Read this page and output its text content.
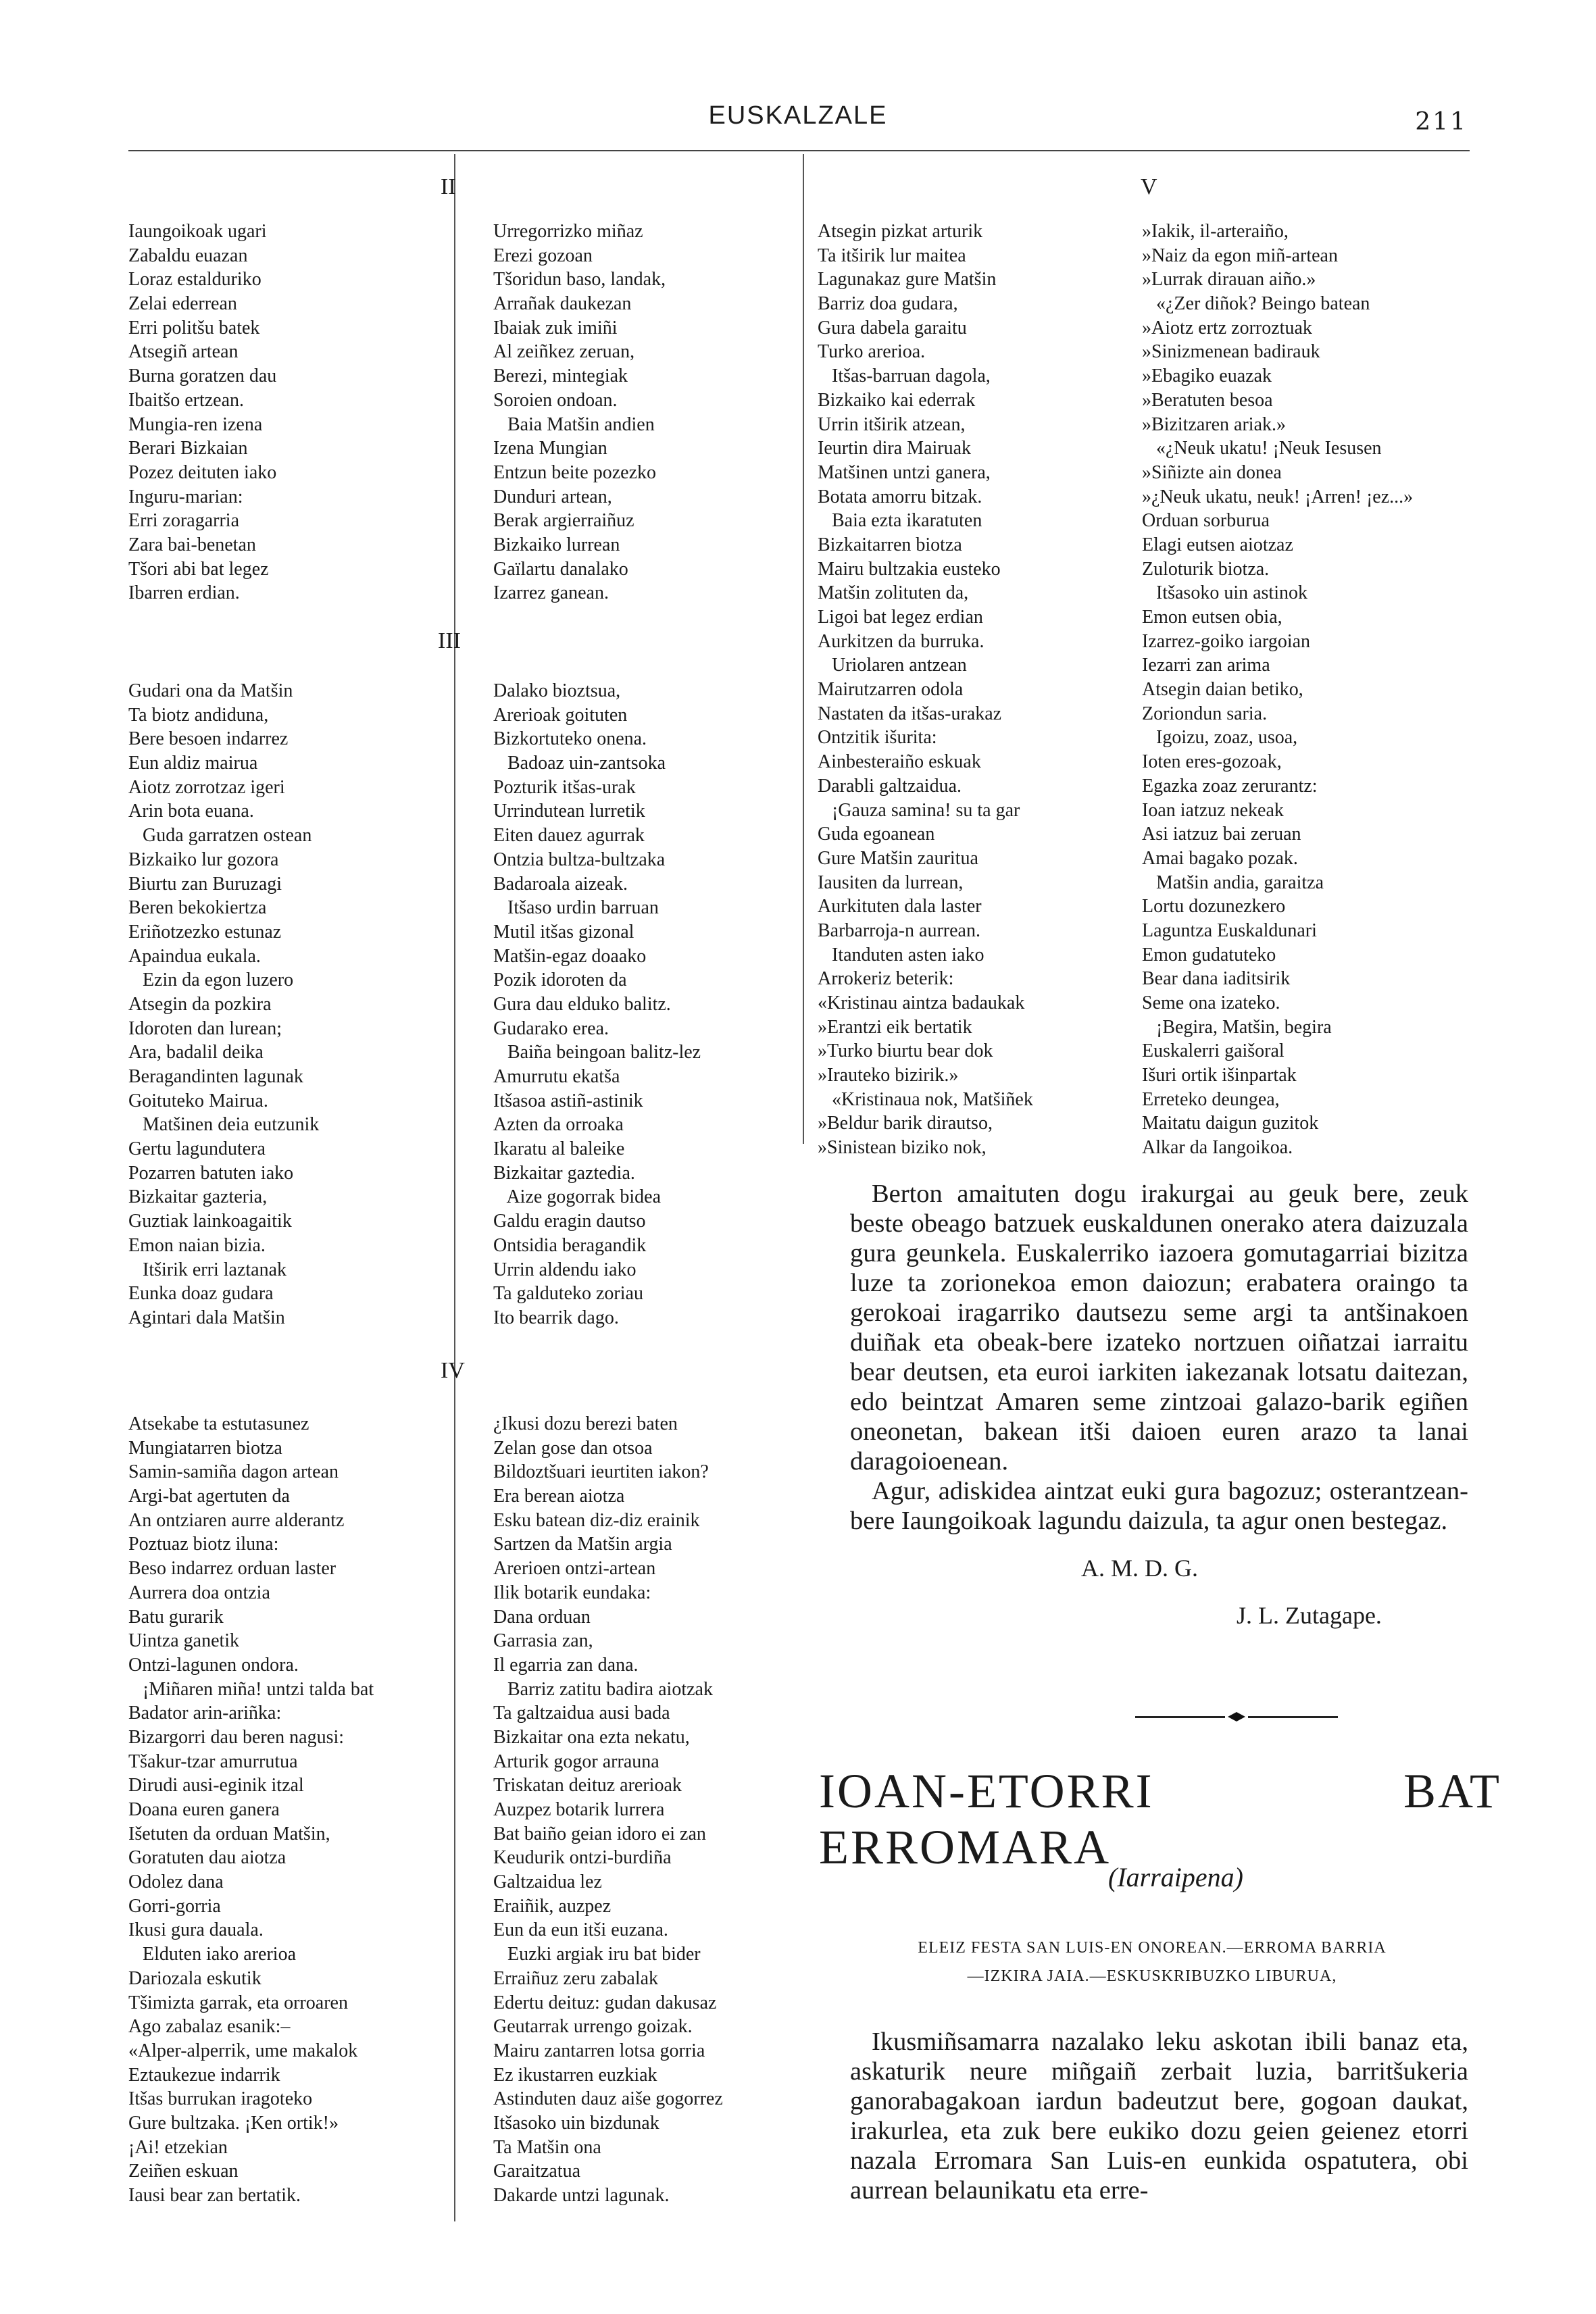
EUSKALZALE	211
II
III
IV
V
Iaungoikoak ugari
Zabaldu euazan
Loraz estalduriko
Zelai ederrean
Erri politšu batek
Atsegiñ artean
Burna goratzen dau
Ibaitšo ertzean.
Mungia-ren izena
Berari Bizkaian
Pozez deituten iako
Inguru-marian:
Erri zoragarria
Zara bai-benetan
Tšori abi bat legez
Ibarren erdian.
Gudari ona da Matšin
Ta biotz andiduna,
Bere besoen indarrez
Eun aldiz mairua
Aiotz zorrotzaz igeri
Arin bota euana.
Guda garratzen ostean
Bizkaiko lur gozora
Biurtu zan Buruzagi
Beren bekokiertza
Eriñotzezko estunaz
Apaindua eukala.
Ezin da egon luzero
Atsegin da pozkira
Idoroten dan lurean;
Ara, badalil deika
Beragandinten lagunak
Goituteko Mairua.
Matšinen deia eutzunik
Gertu lagundutera
Pozarren batuten iako
Bizkaitar gazteria,
Guztiak lainkoagaitik
Emon naian bizia.
Itširik erri laztanak
Eunka doaz gudara
Agintari dala Matšin
Atsekabe ta estutasunez
Mungiatarren biotza
Samin-samiña dagon artean
Argi-bat agertuten da
An ontziaren aurre alderantz
Poztuaz biotz iluna:
Beso indarrez orduan laster
Aurrera doa ontzia
Batu gurarik
Uintza ganetik
Ontzi-lagunen ondora.
¡Miñaren miña! untzi talda bat
Badator arin-ariñka:
Bizargorri dau beren nagusi:
Tšakur-tzar amurrutua
Dirudi ausi-eginik itzal
Doana euren ganera
Išetuten da orduan Matšin,
Goratuten dau aiotza
Odolez dana
Gorri-gorria
Ikusi gura dauala.
Elduten iako arerioa
Dariozala eskutik
Tšimizta garrak, eta orroaren
Ago zabalaz esanik:–
«Alper-alperrik, ume makalok
Eztaukezue indarrik
Itšas burrukan iragoteko
Gure bultzaka. ¡Ken ortik!»
¡Ai! etzekian
Zeiñen eskuan
Iausi bear zan bertatik.
Urregorrizko miñaz
Erezi gozoan
Tšoridun baso, landak,
Arrañak daukezan
Ibaiak zuk imiñi
Al zeiñkez zeruan,
Berezi, mintegiak
Soroien ondoan.
Baia Matšin andien
Izena Mungian
Entzun beite pozezko
Dunduri artean,
Berak argierraiñuz
Bizkaiko lurrean
Gaïlartu danalako
Izarrez ganean.
Dalako bioztsua,
Arerioak goituten
Bizkortuteko onena.
Badoaz uin-zantsoka
Pozturik itšas-urak
Urrindutean lurretik
Eiten dauez agurrak
Ontzia bultza-bultzaka
Badaroala aizeak.
Itšaso urdin barruan
Mutil itšas gizonal
Matšin-egaz doaako
Pozik idoroten da
Gura dau elduko balitz.
Gudarako erea.
Baiña beingoan balitz-lez
Amurrutu ekatša
Itšasoa astiñ-astinik
Azten da orroaka
Ikaratu al baleike
Bizkaitar gaztedia.
Aize gogorrak bidea
Galdu eragin dautso
Ontsidia beragandik
Urrin aldendu iako
Ta galduteko zoriau
Ito bearrik dago.
¿Ikusi dozu berezi baten
Zelan gose dan otsoa
Bildoztšuari ieurtiten iakon?
Era berean aiotza
Esku batean diz-diz erainik
Sartzen da Matšin argia
Arerioen ontzi-artean
Ilik botarik eundaka:
Dana orduan
Garrasia zan,
Il egarria zan dana.
Barriz zatitu badira aiotzak
Ta galtzaidua ausi bada
Bizkaitar ona ezta nekatu,
Arturik gogor arrauna
Triskatan deituz arerioak
Auzpez botarik lurrera
Bat baiño geian idoro ei zan
Keudurik ontzi-burdiña
Galtzaidua lez
Eraiñik, auzpez
Eun da eun itši euzana.
Euzki argiak iru bat bider
Erraiñuz zeru zabalak
Edertu deituz: gudan dakusaz
Geutarrak urrengo goizak.
Mairu zantarren lotsa gorria
Ez ikustarren euzkiak
Astinduten dauz aiše gogorrez
Itšasoko uin bizdunak
Ta Matšin ona
Garaitzatua
Dakarde untzi lagunak.
Atsegin pizkat arturik
Ta itširik lur maitea
Lagunakaz gure Matšin
Barriz doa gudara,
Gura dabela garaitu
Turko arerioa.
Itšas-barruan dagola,
Bizkaiko kai ederrak
Urrin itširik atzean,
Ieurtin dira Mairuak
Matšinen untzi ganera,
Botata amorru bitzak.
Baia ezta ikaratuten
Bizkaitarren biotza
Mairu bultzakia eusteko
Matšin zolituten da,
Ligoi bat legez erdian
Aurkitzen da burruka.
Uriolaren antzean
Mairutzarren odola
Nastaten da itšas-urakaz
Ontzitik išurita:
Ainbesteraiño eskuak
Darabli galtzaidua.
¡Gauza samina! su ta gar
Guda egoanean
Gure Matšin zauritua
Iausiten da lurrean,
Aurkituten dala laster
Barbarroja-n aurrean.
Itanduten asten iako
Arrokeriz beterik:
«Kristinau aintza badaukak
»Erantzi eik bertatik
»Turko biurtu bear dok
»Irauteko bizirik.»
«Kristinaua nok, Matšiñek
»Beldur barik dirautso,
»Sinistean biziko nok,
»Iakik, il-arteraiño,
»Naiz da egon miñ-artean
»Lurrak dirauan aiño.»
«¿Zer diñok? Beingo batean
»Aiotz ertz zorroztuak
»Sinizmenean badirauk
»Ebagiko euazak
»Beratuten besoa
»Bizitzaren ariak.»
«¿Neuk ukatu! ¡Neuk Iesusen
»Siñizte ain donea
»¿Neuk ukatu, neuk! ¡Arren! ¡ez...»
Orduan sorburua
Elagi eutsen aiotzaz
Zuloturik biotza.
Itšasoko uin astinok
Emon eutsen obia,
Izarrez-goiko iargoian
Iezarri zan arima
Atsegin daian betiko,
Zoriondun saria.
Igoizu, zoaz, usoa,
Ioten eres-gozoak,
Egazka zoaz zerurantz:
Ioan iatzuz nekeak
Asi iatzuz bai zeruan
Amai bagako pozak.
Matšin andia, garaitza
Lortu dozunezkero
Laguntza Euskaldunari
Emon gudatuteko
Bear dana iaditsirik
Seme ona izateko.
¡Begira, Matšin, begira
Euskalerri gaišoral
Išuri ortik išinpartak
Erreteko deungea,
Maitatu daigun guzitok
Alkar da Iangoikoa.

Berton amaituten dogu irakurgai au geuk bere, zeuk beste obeago batzuek euskaldunen onerako atera daizuzala gura geunkela. Euskalerriko iazoera gomutagarriai bizitza luze ta zorionekoa emon daiozun; erabatera oraingo ta gerokoai iragarriko dautsezu seme argi ta antšinakoen duiñak eta obeak-bere izateko nortzuen oiñatzai iarraitu bear deutsen, eta euroi iarkiten iakezanak lotsatu daitezan, edo beintzat Amaren seme zintzoai galazo-barik egiñen oneonetan, bakean itši daioen euren arazo ta lanai daragoioenean.

Agur, adiskidea aintzat euki gura bagozuz; osterantzean-bere Iaungoikoak lagundu daizula, ta agur onen bestegaz.

A. M. D. G.
J. L. Zutagape.
IOAN-ETORRI BAT ERROMARA
(Iarraipena)
ELEIZ FESTA SAN LUIS-EN ONOREAN.—ERROMA BARRIA
—IZKIRA JAIA.—ESKUSKRIBUZKO LIBURUA,

Ikusmiñsamarra nazalako leku askotan ibili banaz eta, askaturik neure miñgaiñ zerbait luzia, barritšukeria ganorabagakoan iardun badeutzut bere, gogoan daukat, irakurlea, eta zuk bere eukiko dozu geien geienez etorri nazala Erromara San Luis-en eunkida ospatutera, obi aurrean belaunikatu eta erre-
